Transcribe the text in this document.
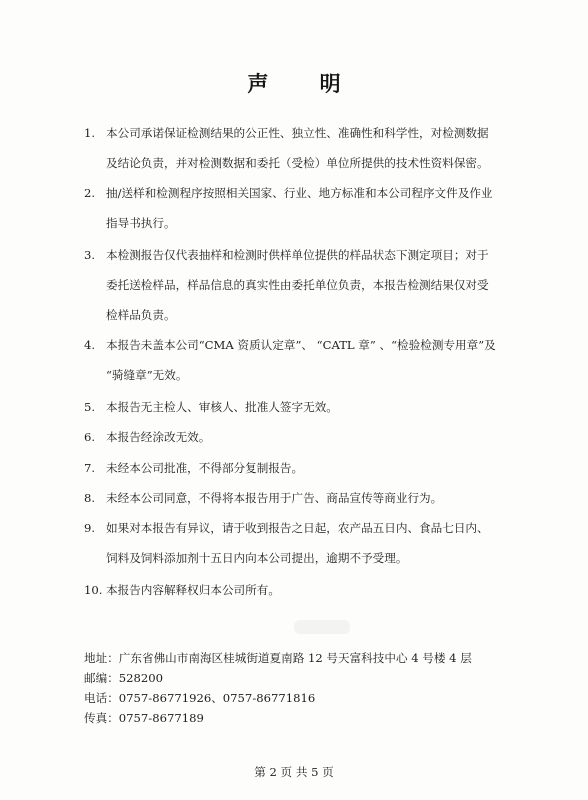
声 明
1. 本公司承诺保证检测结果的公正性、独立性、准确性和科学性，对检测数据
及结论负责，并对检测数据和委托（受检）单位所提供的技术性资料保密。
2. 抽/送样和检测程序按照相关国家、行业、地方标准和本公司程序文件及作业
指导书执行。
3. 本检测报告仅代表抽样和检测时供样单位提供的样品状态下测定项目；对于
委托送检样品，样品信息的真实性由委托单位负责，本报告检测结果仅对受
检样品负责。
4. 本报告未盖本公司“CMA 资质认定章”、 “CATL 章” 、“检验检测专用章”及
“骑缝章”无效。
5. 本报告无主检人、审核人、批准人签字无效。
6. 本报告经涂改无效。
7. 未经本公司批准，不得部分复制报告。
8. 未经本公司同意，不得将本报告用于广告、商品宣传等商业行为。
9. 如果对本报告有异议，请于收到报告之日起，农产品五日内、食品七日内、
饲料及饲料添加剂十五日内向本公司提出，逾期不予受理。
10. 本报告内容解释权归本公司所有。
地址：广东省佛山市南海区桂城街道夏南路 12 号天富科技中心 4 号楼 4 层
邮编：528200
电话：0757-86771926、0757-86771816
传真：0757-8677189
第 2 页 共 5 页
